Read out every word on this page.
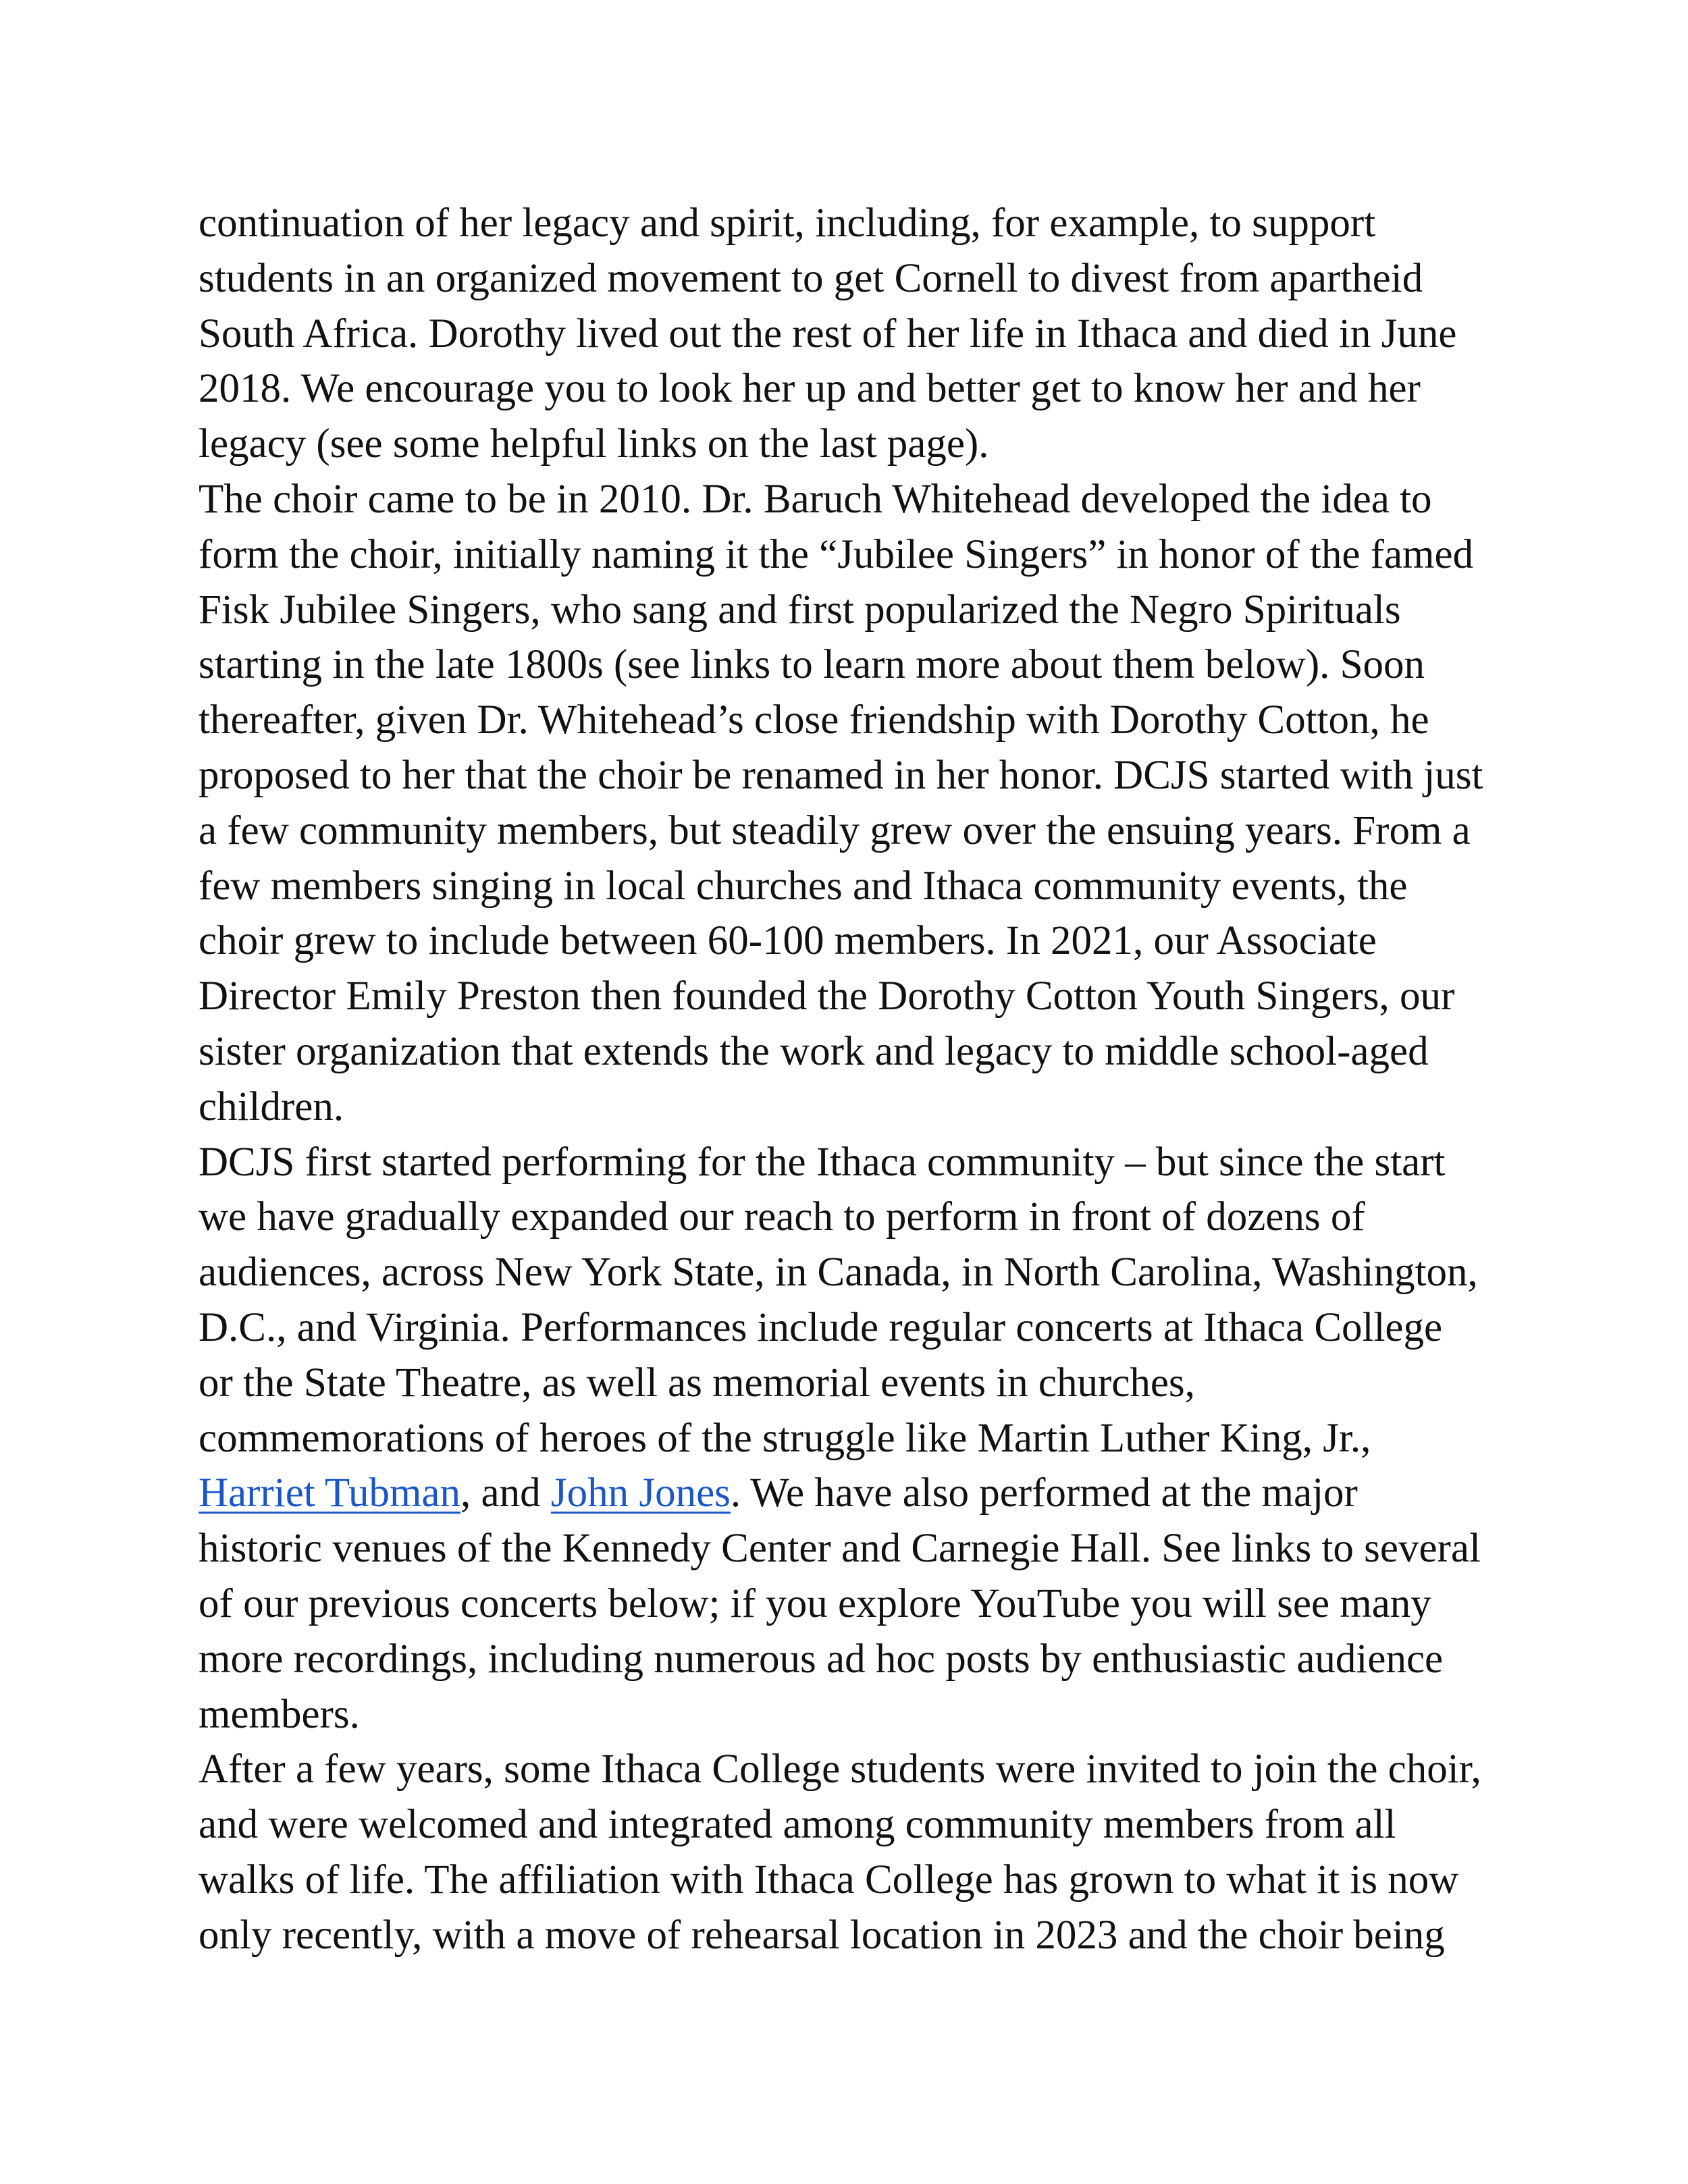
continuation of her legacy and spirit, including, for example, to support
students in an organized movement to get Cornell to divest from apartheid
South Africa. Dorothy lived out the rest of her life in Ithaca and died in June
2018. We encourage you to look her up and better get to know her and her
legacy (see some helpful links on the last page).
The choir came to be in 2010. Dr. Baruch Whitehead developed the idea to
form the choir, initially naming it the “Jubilee Singers” in honor of the famed
Fisk Jubilee Singers, who sang and first popularized the Negro Spirituals
starting in the late 1800s (see links to learn more about them below). Soon
thereafter, given Dr. Whitehead’s close friendship with Dorothy Cotton, he
proposed to her that the choir be renamed in her honor. DCJS started with just
a few community members, but steadily grew over the ensuing years. From a
few members singing in local churches and Ithaca community events, the
choir grew to include between 60-100 members. In 2021, our Associate
Director Emily Preston then founded the Dorothy Cotton Youth Singers, our
sister organization that extends the work and legacy to middle school-aged
children.
DCJS first started performing for the Ithaca community – but since the start
we have gradually expanded our reach to perform in front of dozens of
audiences, across New York State, in Canada, in North Carolina, Washington,
D.C., and Virginia. Performances include regular concerts at Ithaca College
or the State Theatre, as well as memorial events in churches,
commemorations of heroes of the struggle like Martin Luther King, Jr.,
Harriet Tubman, and John Jones. We have also performed at the major
historic venues of the Kennedy Center and Carnegie Hall. See links to several
of our previous concerts below; if you explore YouTube you will see many
more recordings, including numerous ad hoc posts by enthusiastic audience
members.
After a few years, some Ithaca College students were invited to join the choir,
and were welcomed and integrated among community members from all
walks of life. The affiliation with Ithaca College has grown to what it is now
only recently, with a move of rehearsal location in 2023 and the choir being
